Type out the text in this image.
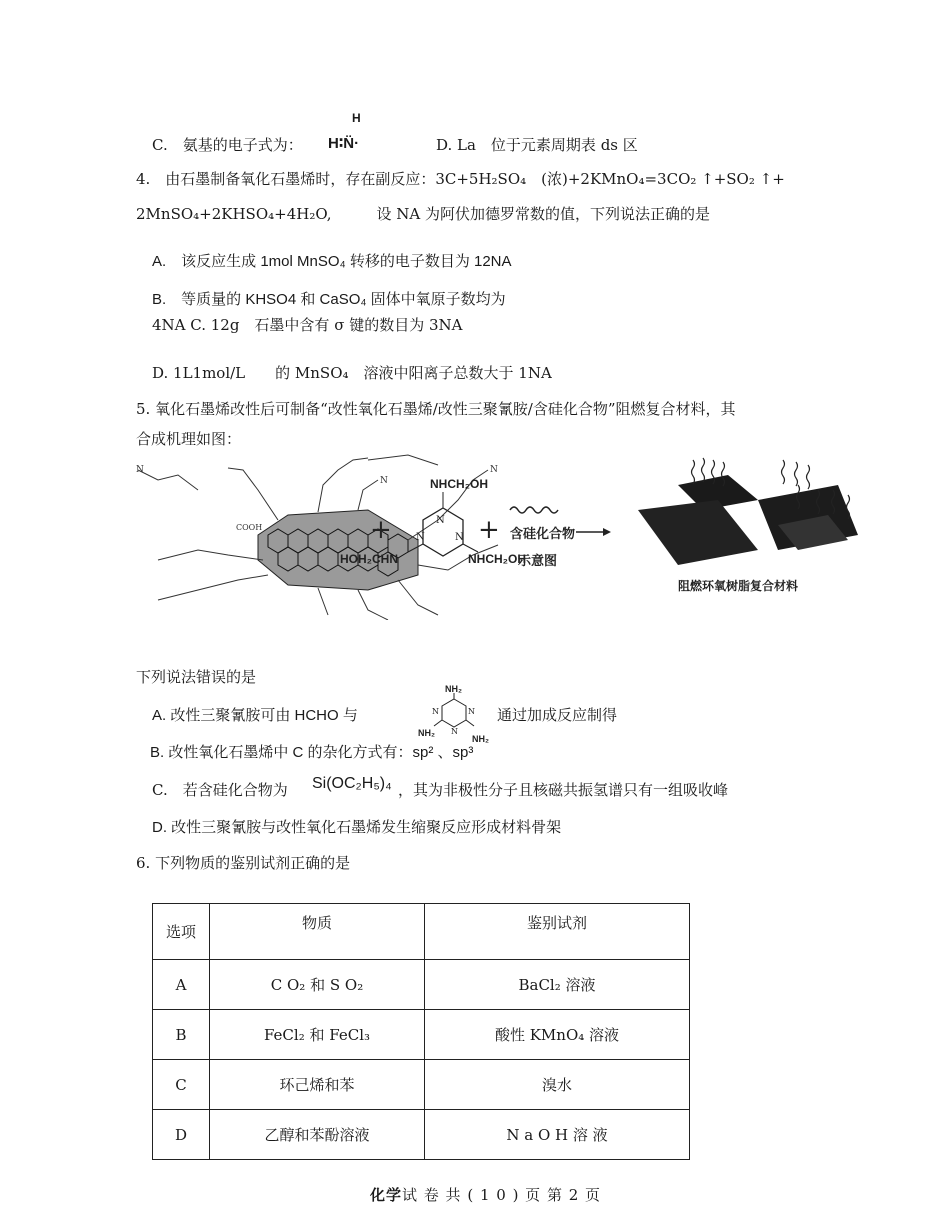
C.　氨基的电子式为：
H
H∶N̈·	D. La　位于元素周期表 ds 区
4.　由石墨制备氧化石墨烯时，存在副反应：3C+5H₂SO₄　(浓)+2KMnO₄=3CO₂ ↑+SO₂ ↑+
2MnSO₄+2KHSO₄+4H₂O,　　　设 NA 为阿伏加德罗常数的值，下列说法正确的是
A.　该反应生成 1mol MnSO₄ 转移的电子数目为 12NA
B.　等质量的 KHSO4 和 CaSO₄ 固体中氧原子数均为
4NA C. 12g　石墨中含有 σ 键的数目为 3NA
D. 1L1mol/L　　的 MnSO₄　溶液中阳离子总数大于 1NA
5. 氧化石墨烯改性后可制备“改性氧化石墨烯/改性三聚氰胺/含硅化合物”阻燃复合材料，其
合成机理如图：
N
N
N
COOH	+
NHCH₂OH
HOH₂CHN	NHCH₂OH
N
N	N + 含硅化合物
示意图
阻燃环氧树脂复合材料
下列说法错误的是
A. 改性三聚氰胺可由 HCHO 与
NH₂
NH₂
NH₂
N	N
N
通过加成反应制得
B. 改性氧化石墨烯中 C 的杂化方式有：sp² 、sp³
C.　若含硅化合物为 Si(OC₂H₅)₄ ，其为非极性分子且核磁共振氢谱只有一组吸收峰
D. 改性三聚氰胺与改性氧化石墨烯发生缩聚反应形成材料骨架
6. 下列物质的鉴别试剂正确的是
选项	物质	鉴别试剂
A	C O₂ 和 S O₂	BaCl₂ 溶液
B	FeCl₂ 和 FeCl₃	酸性 KMnO₄ 溶液
C	环己烯和苯	溴水
D	乙醇和苯酚溶液	N a O H 溶 液
化学试 卷 共 ( 1 0 ) 页 第 2 页
